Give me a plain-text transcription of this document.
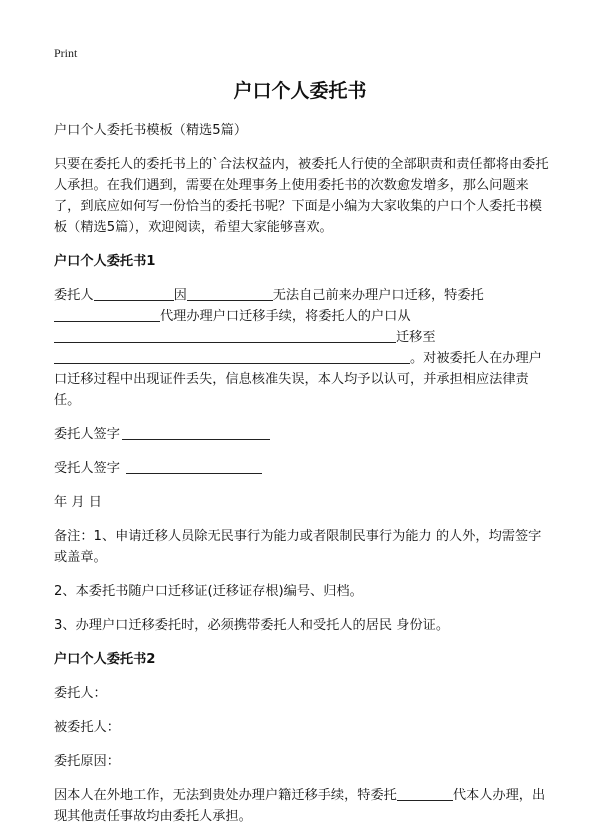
Print
户口个人委托书

户口个人委托书模板（精选5篇）

只要在委托人的委托书上的`合法权益内，被委托人行使的全部职责和责任都将由委托人承担。在我们遇到，需要在处理事务上使用委托书的次数愈发增多，那么问题来了，到底应如何写一份恰当的委托书呢？下面是小编为大家收集的户口个人委托书模板（精选5篇），欢迎阅读，希望大家能够喜欢。

户口个人委托书1

委托人	因	无法自己前来办理户口迁移，特委托
代理办理户口迁移手续，将委托人的户口从
迁移至
。对被委托人在办理户口迁移过程中出现证件丢失，信息核准失误，本人均予以认可，并承担相应法律责任。

委托人签字

受托人签字

年 月 日

备注：1、申请迁移人员除无民事行为能力或者限制民事行为能力 的人外，均需签字或盖章。

2、本委托书随户口迁移证(迁移证存根)编号、归档。

3、办理户口迁移委托时，必须携带委托人和受托人的居民 身份证。

户口个人委托书2

委托人：

被委托人：

委托原因：

因本人在外地工作，无法到贵处办理户籍迁移手续，特委托	代本人办理，出现其他责任事故均由委托人承担。
